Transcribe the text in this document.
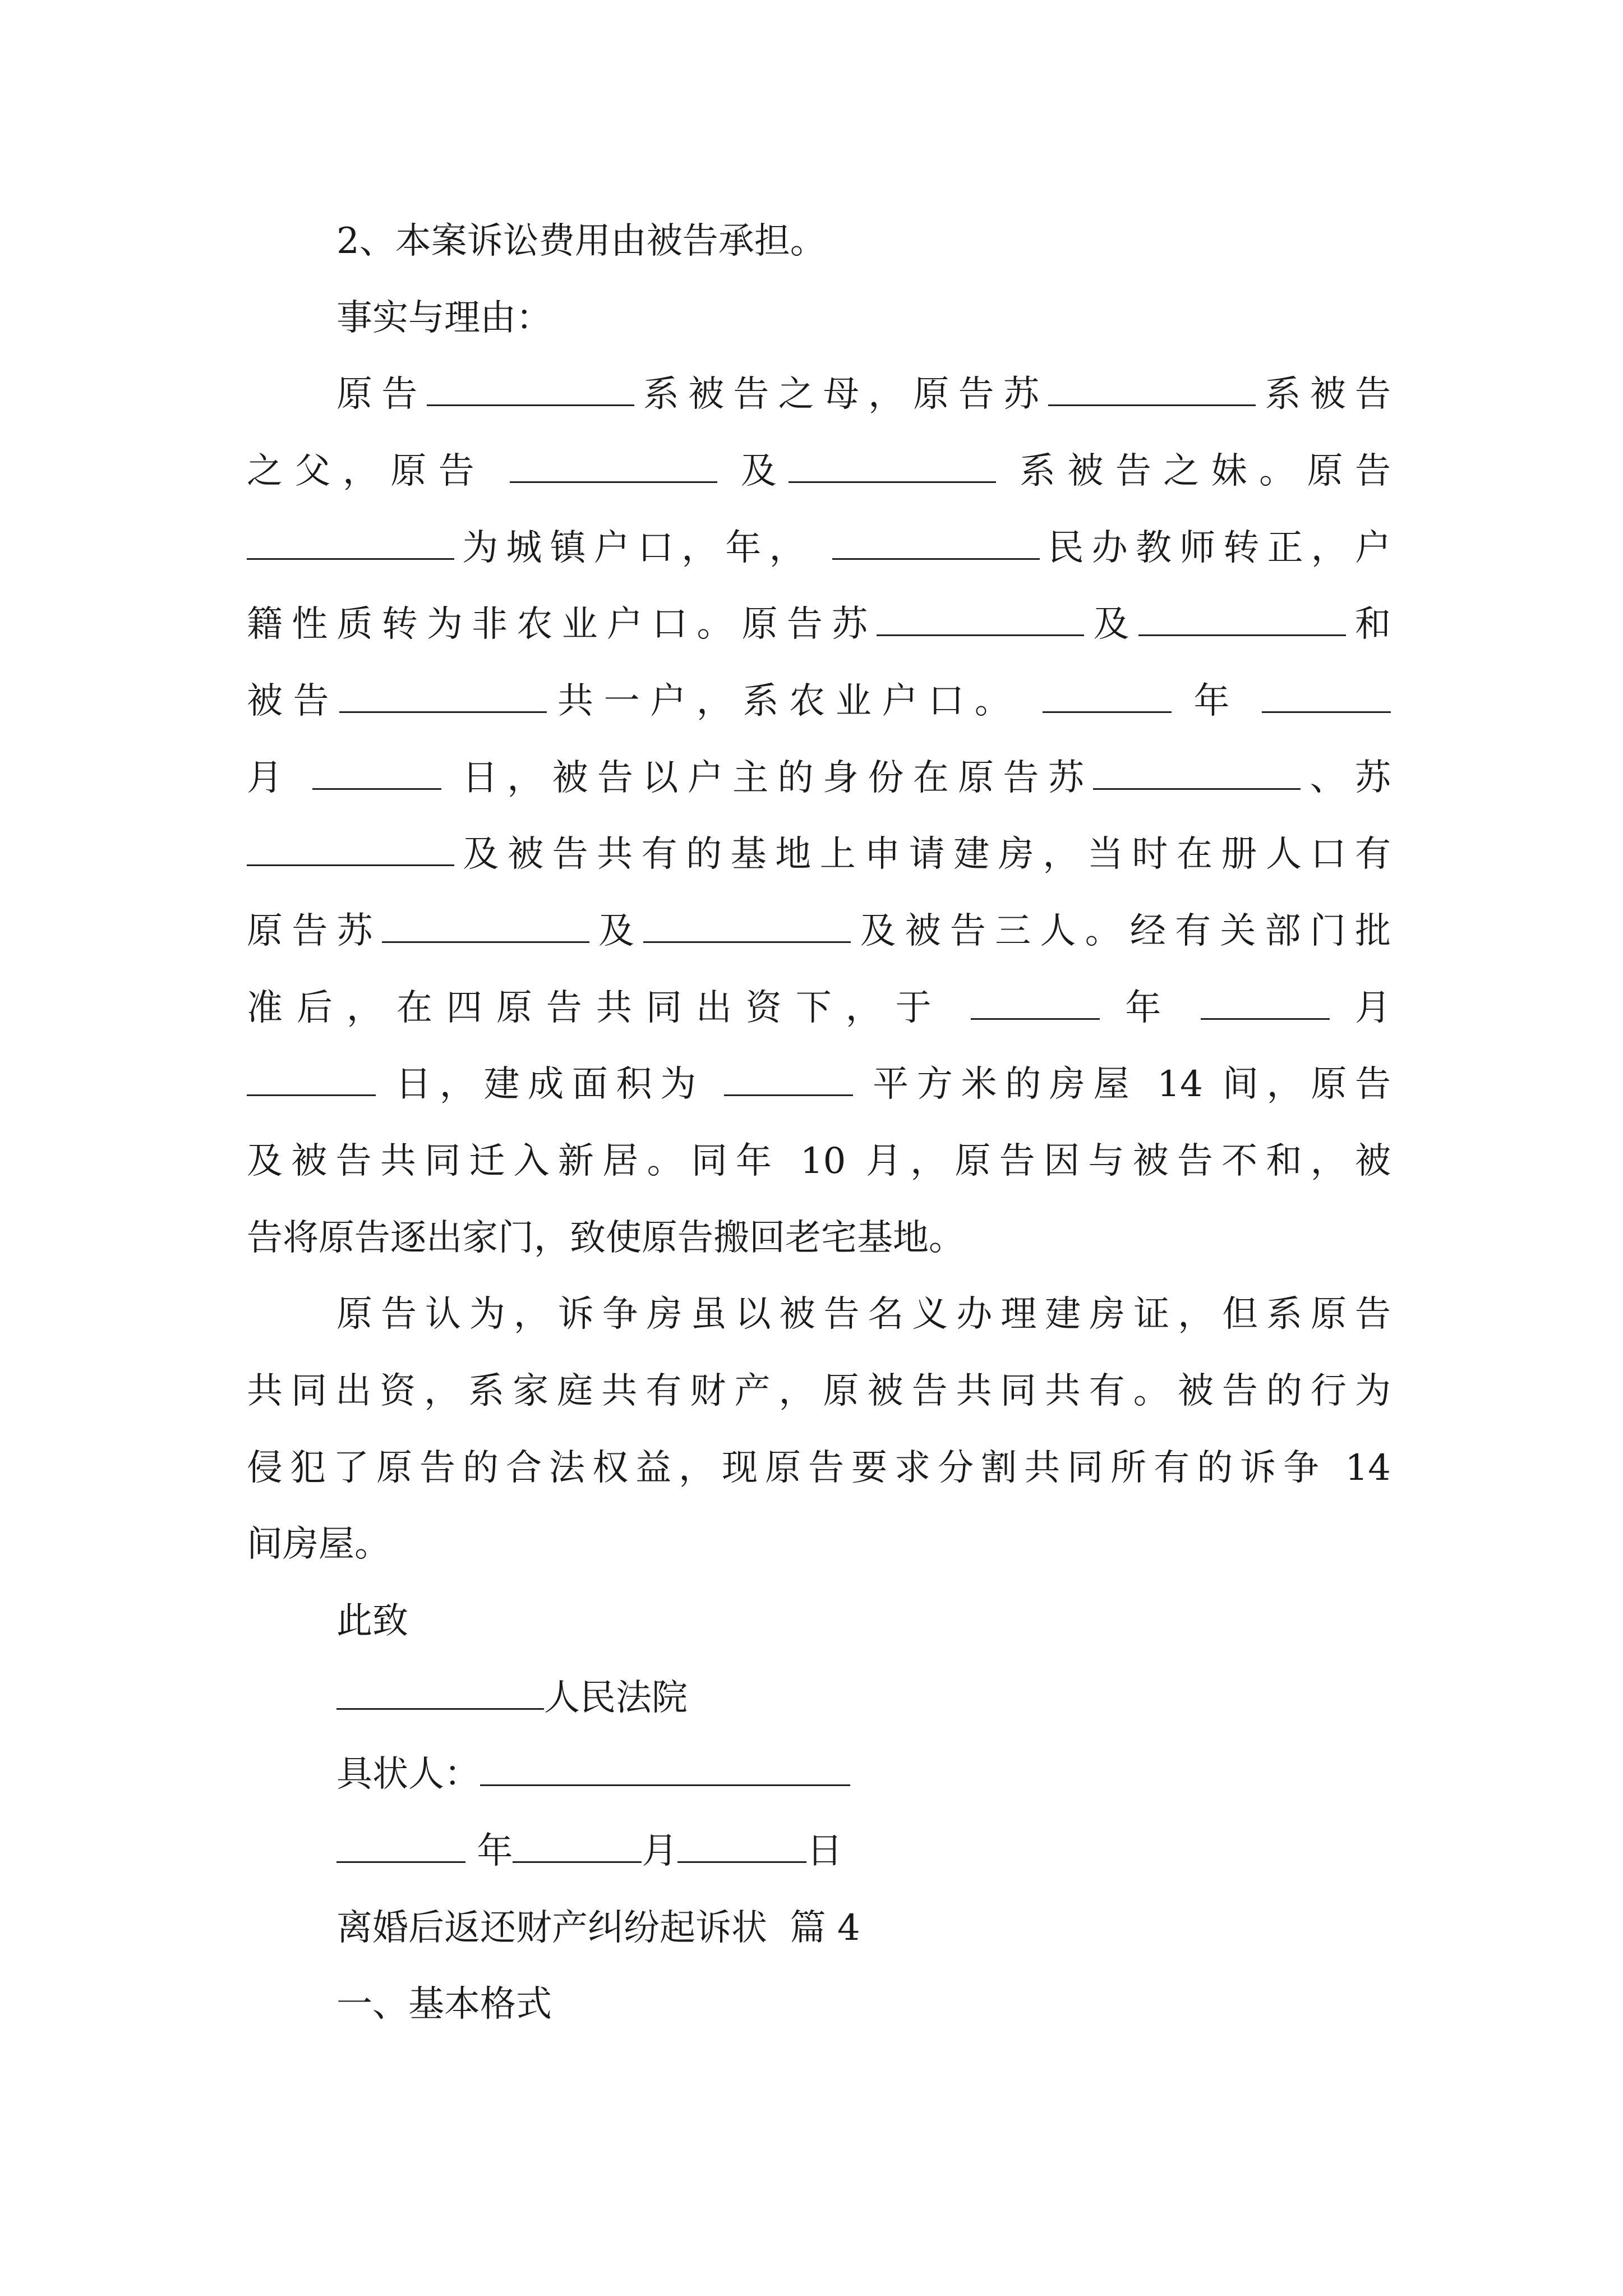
2、本案诉讼费用由被告承担。
事实与理由：
原告	系被告之母，原告苏	系被告
之父，原告	及	系被告之妹。原告
为城镇户口，年，	民办教师转正，户
籍性质转为非农业户口。原告苏	及	和
被告	共一户，系农业户口。	年
月	日，被告以户主的身份在原告苏	、苏
及被告共有的基地上申请建房，当时在册人口有
原告苏	及	及被告三人。经有关部门批
准后，在四原告共同出资下，于	年	月
日，建成面积为	平方米的房屋 14 间，原告
及被告共同迁入新居。同年 10 月，原告因与被告不和，被
告将原告逐出家门，致使原告搬回老宅基地。
原告认为，诉争房虽以被告名义办理建房证，但系原告
共同出资，系家庭共有财产，原被告共同共有。被告的行为
侵犯了原告的合法权益，现原告要求分割共同所有的诉争 14
间房屋。
此致
人民法院
具状人：
年	月	日
离婚后返还财产纠纷起诉状  篇 4
一、基本格式
